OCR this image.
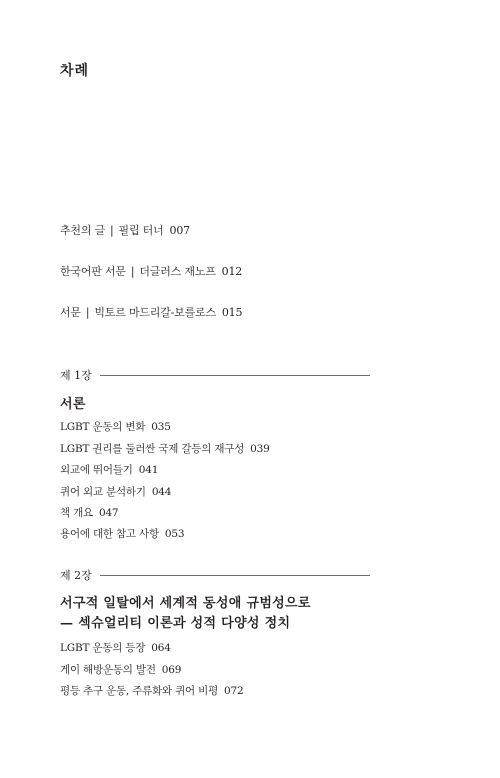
차례
추천의 글 | 필립 터너 007
한국어판 서문 | 더글러스 재노프 012
서문 | 빅토르 마드리갈-보를로스 015
제 1장
서론
LGBT 운동의 변화 035
LGBT 권리를 둘러싼 국제 갈등의 재구성 039
외교에 뛰어들기 041
퀴어 외교 분석하기 044
책 개요 047
용어에 대한 참고 사항 053
제 2장
서구적 일탈에서 세계적 동성애 규범성으로
— 섹슈얼리티 이론과 성적 다양성 정치
LGBT 운동의 등장 064
게이 해방운동의 발전 069
평등 추구 운동, 주류화와 퀴어 비평 072
